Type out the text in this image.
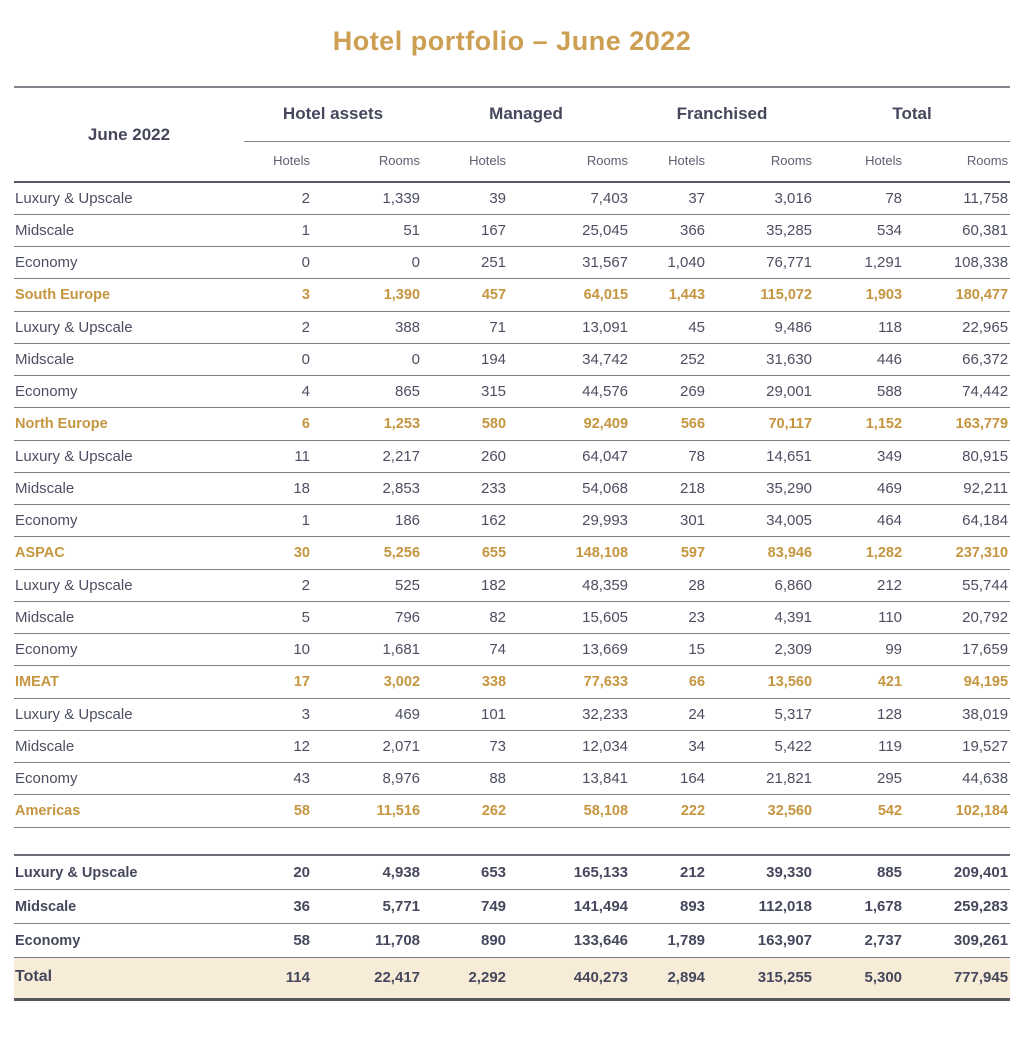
Hotel portfolio – June 2022
June 2022	Hotel assets		Managed		Franchised		Total	
	Hotels	Rooms	Hotels	Rooms	Hotels	Rooms	Hotels	Rooms
Luxury & Upscale	2	1,339	39	7,403	37	3,016	78	11,758
Midscale	1	51	167	25,045	366	35,285	534	60,381
Economy	0	0	251	31,567	1,040	76,771	1,291	108,338
South Europe	3	1,390	457	64,015	1,443	115,072	1,903	180,477
Luxury & Upscale	2	388	71	13,091	45	9,486	118	22,965
Midscale	0	0	194	34,742	252	31,630	446	66,372
Economy	4	865	315	44,576	269	29,001	588	74,442
North Europe	6	1,253	580	92,409	566	70,117	1,152	163,779
Luxury & Upscale	11	2,217	260	64,047	78	14,651	349	80,915
Midscale	18	2,853	233	54,068	218	35,290	469	92,211
Economy	1	186	162	29,993	301	34,005	464	64,184
ASPAC	30	5,256	655	148,108	597	83,946	1,282	237,310
Luxury & Upscale	2	525	182	48,359	28	6,860	212	55,744
Midscale	5	796	82	15,605	23	4,391	110	20,792
Economy	10	1,681	74	13,669	15	2,309	99	17,659
IMEAT	17	3,002	338	77,633	66	13,560	421	94,195
Luxury & Upscale	3	469	101	32,233	24	5,317	128	38,019
Midscale	12	2,071	73	12,034	34	5,422	119	19,527
Economy	43	8,976	88	13,841	164	21,821	295	44,638
Americas	58	11,516	262	58,108	222	32,560	542	102,184

Luxury & Upscale	20	4,938	653	165,133	212	39,330	885	209,401
Midscale	36	5,771	749	141,494	893	112,018	1,678	259,283
Economy	58	11,708	890	133,646	1,789	163,907	2,737	309,261
Total	114	22,417	2,292	440,273	2,894	315,255	5,300	777,945
